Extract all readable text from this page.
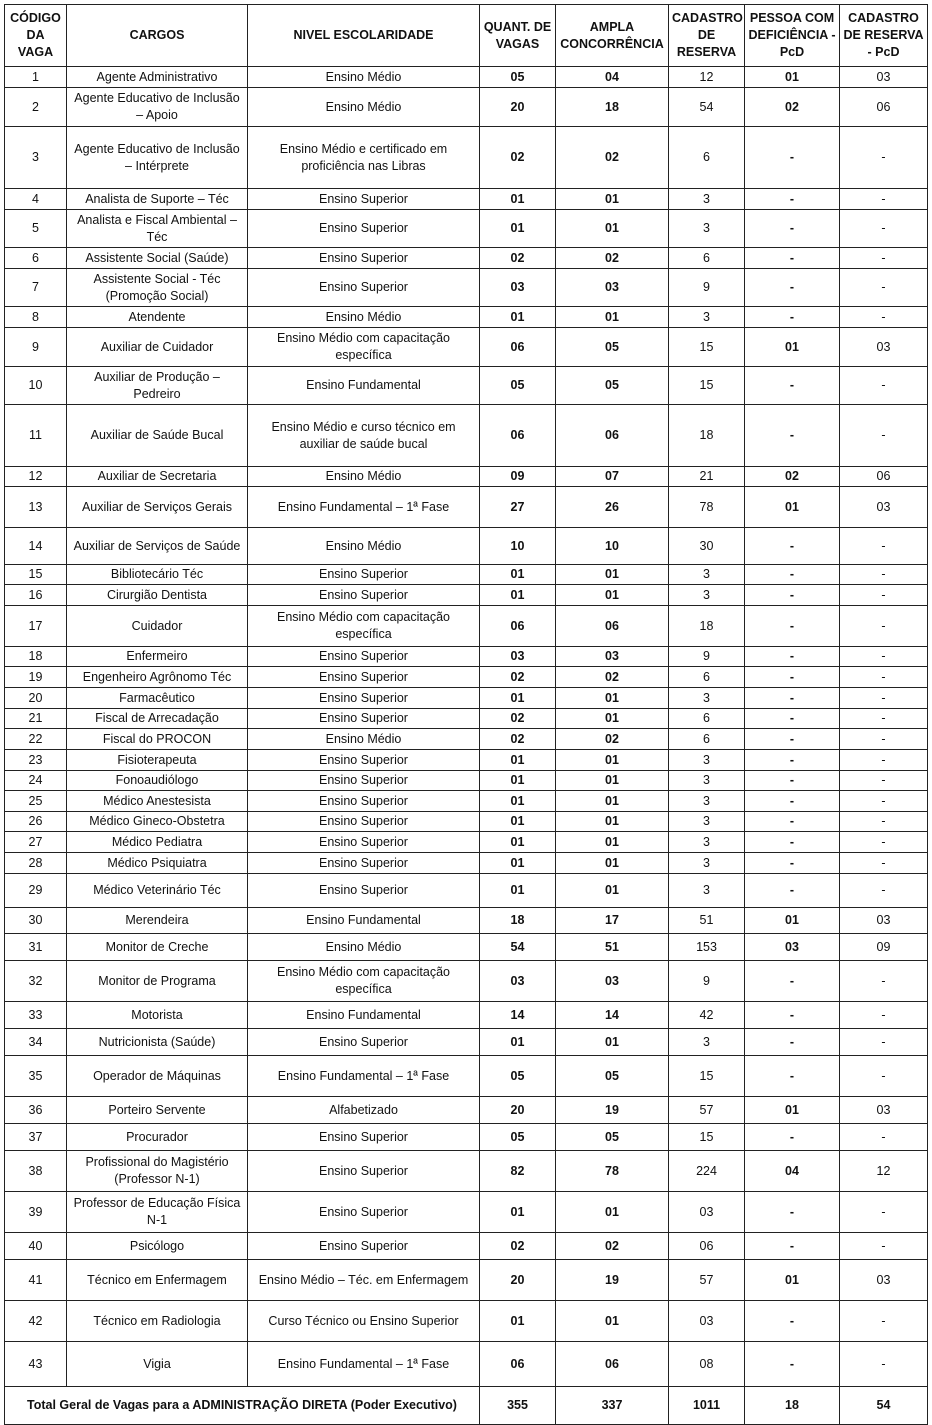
CÓDIGO DA VAGA	CARGOS	NIVEL ESCOLARIDADE	QUANT. DE VAGAS	AMPLA CONCORRÊNCIA	CADASTRO DE RESERVA	PESSOA COM DEFICIÊNCIA - PcD	CADASTRO DE RESERVA - PcD
1	Agente Administrativo	Ensino Médio	05	04	12	01	03
2	Agente Educativo de Inclusão – Apoio	Ensino Médio	20	18	54	02	06
3	Agente Educativo de Inclusão – Intérprete	Ensino Médio e certificado em proficiência nas Libras	02	02	6	-	-
4	Analista de Suporte – Téc	Ensino Superior	01	01	3	-	-
5	Analista e Fiscal Ambiental – Téc	Ensino Superior	01	01	3	-	-
6	Assistente Social (Saúde)	Ensino Superior	02	02	6	-	-
7	Assistente Social - Téc (Promoção Social)	Ensino Superior	03	03	9	-	-
8	Atendente	Ensino Médio	01	01	3	-	-
9	Auxiliar de Cuidador	Ensino Médio com capacitação específica	06	05	15	01	03
10	Auxiliar de Produção – Pedreiro	Ensino Fundamental	05	05	15	-	-
11	Auxiliar de Saúde Bucal	Ensino Médio e curso técnico em auxiliar de saúde bucal	06	06	18	-	-
12	Auxiliar de Secretaria	Ensino Médio	09	07	21	02	06
13	Auxiliar de Serviços Gerais	Ensino Fundamental – 1ª Fase	27	26	78	01	03
14	Auxiliar de Serviços de Saúde	Ensino Médio	10	10	30	-	-
15	Bibliotecário Téc	Ensino Superior	01	01	3	-	-
16	Cirurgião Dentista	Ensino Superior	01	01	3	-	-
17	Cuidador	Ensino Médio com capacitação específica	06	06	18	-	-
18	Enfermeiro	Ensino Superior	03	03	9	-	-
19	Engenheiro Agrônomo Téc	Ensino Superior	02	02	6	-	-
20	Farmacêutico	Ensino Superior	01	01	3	-	-
21	Fiscal de Arrecadação	Ensino Superior	02	01	6	-	-
22	Fiscal do PROCON	Ensino Médio	02	02	6	-	-
23	Fisioterapeuta	Ensino Superior	01	01	3	-	-
24	Fonoaudiólogo	Ensino Superior	01	01	3	-	-
25	Médico Anestesista	Ensino Superior	01	01	3	-	-
26	Médico Gineco-Obstetra	Ensino Superior	01	01	3	-	-
27	Médico Pediatra	Ensino Superior	01	01	3	-	-
28	Médico Psiquiatra	Ensino Superior	01	01	3	-	-
29	Médico Veterinário Téc	Ensino Superior	01	01	3	-	-
30	Merendeira	Ensino Fundamental	18	17	51	01	03
31	Monitor de Creche	Ensino Médio	54	51	153	03	09
32	Monitor de Programa	Ensino Médio com capacitação específica	03	03	9	-	-
33	Motorista	Ensino Fundamental	14	14	42	-	-
34	Nutricionista (Saúde)	Ensino Superior	01	01	3	-	-
35	Operador de Máquinas	Ensino Fundamental – 1ª Fase	05	05	15	-	-
36	Porteiro Servente	Alfabetizado	20	19	57	01	03
37	Procurador	Ensino Superior	05	05	15	-	-
38	Profissional do Magistério (Professor N-1)	Ensino Superior	82	78	224	04	12
39	Professor de Educação Física N-1	Ensino Superior	01	01	03	-	-
40	Psicólogo	Ensino Superior	02	02	06	-	-
41	Técnico em Enfermagem	Ensino Médio – Téc. em Enfermagem	20	19	57	01	03
42	Técnico em Radiologia	Curso Técnico ou Ensino Superior	01	01	03	-	-
43	Vigia	Ensino Fundamental – 1ª Fase	06	06	08	-	-
Total Geral de Vagas para a ADMINISTRAÇÃO DIRETA (Poder Executivo)			355	337	1011	18	54
